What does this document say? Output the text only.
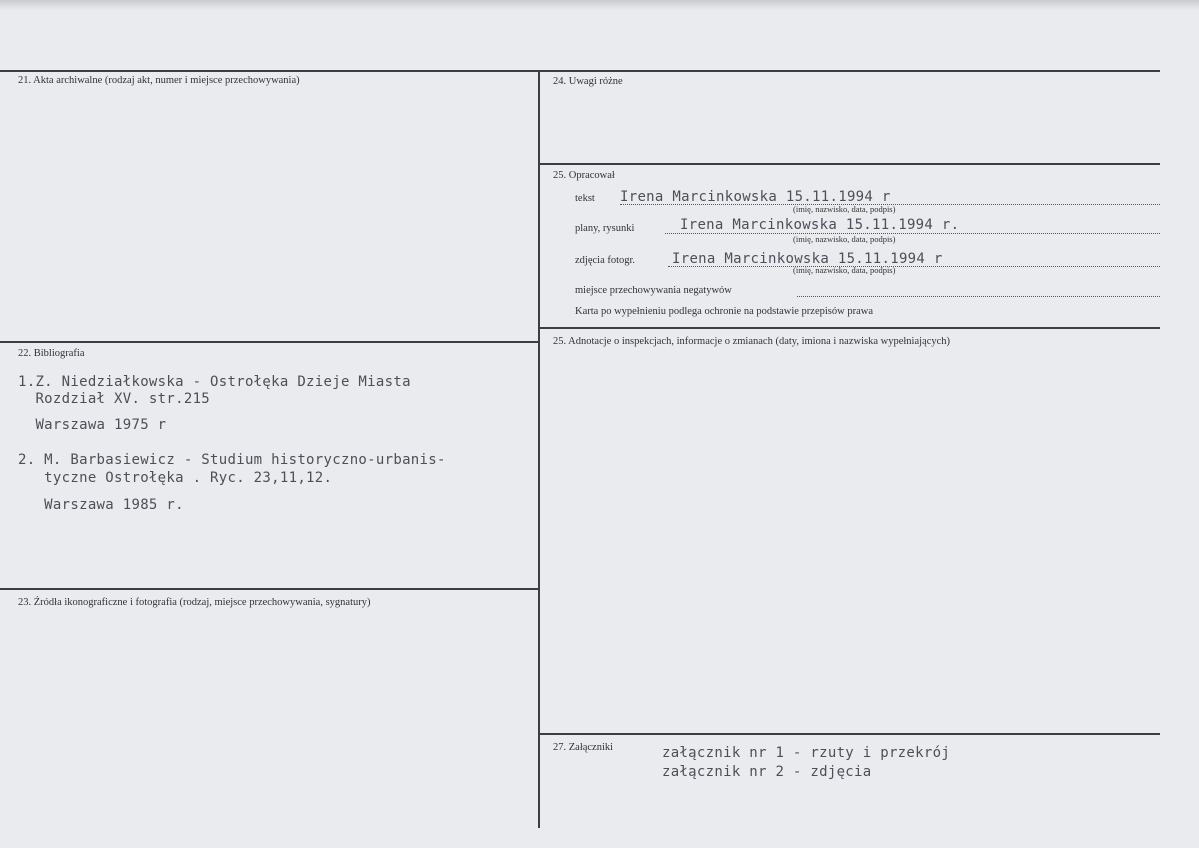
21. Akta archiwalne (rodzaj akt, numer i miejsce przechowywania)
22. Bibliografia
1.Z. Niedziałkowska - Ostrołęka Dzieje Miasta
Rozdział XV. str.215
Warszawa 1975 r
2. M. Barbasiewicz - Studium historyczno-urbanis-
tyczne Ostrołęka . Ryc. 23,11,12.
Warszawa 1985 r.
23. Źródła ikonograficzne i fotografia (rodzaj, miejsce przechowywania, sygnatury)
24. Uwagi różne
25. Opracował
tekst Irena Marcinkowska 15.11.1994 r
(imię, nazwisko, data, podpis)
plany, rysunki	Irena Marcinkowska 15.11.1994 r.
(imię, nazwisko, data, podpis)
zdjęcia fotogr.	Irena Marcinkowska 15.11.1994 r
(imię, nazwisko, data, podpis)
miejsce przechowywania negatywów
Karta po wypełnieniu podlega ochronie na podstawie przepisów prawa
25. Adnotacje o inspekcjach, informacje o zmianach (daty, imiona i nazwiska wypełniających)
27. Załączniki	załącznik nr 1 - rzuty i przekrój
załącznik nr 2 - zdjęcia
